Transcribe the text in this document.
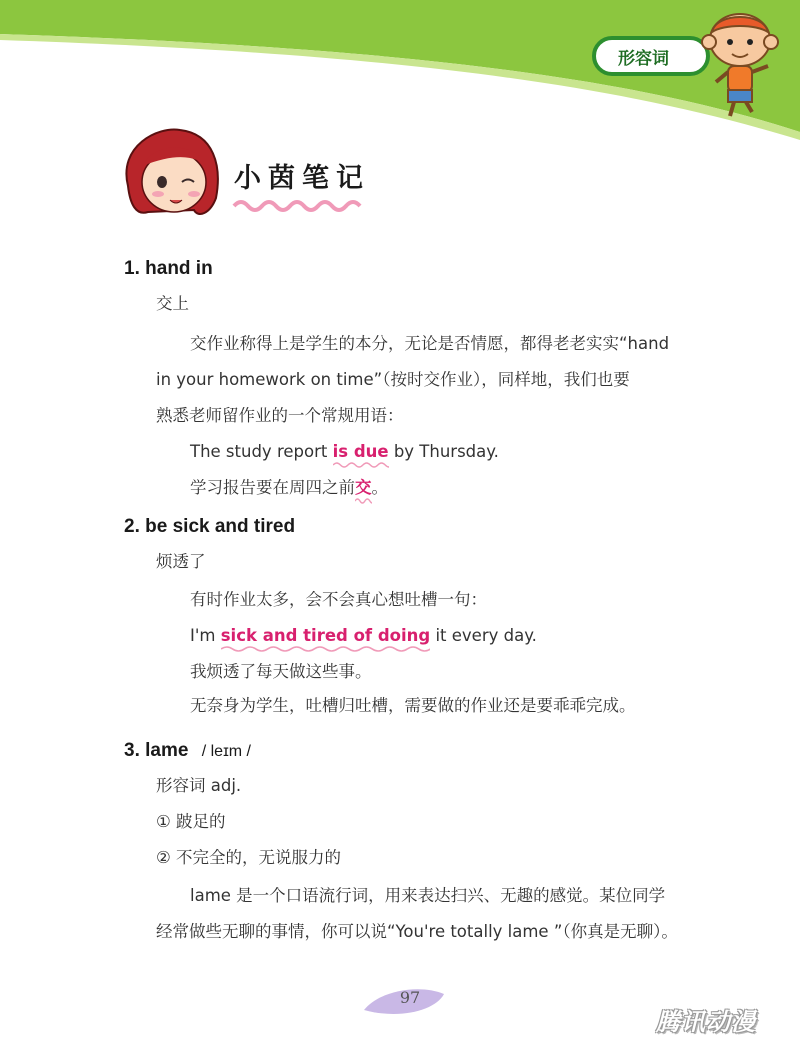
形容词
小茵笔记
1. hand in
交上
交作业称得上是学生的本分，无论是否情愿，都得老老实实“hand
in your homework on time”（按时交作业），同样地，我们也要
熟悉老师留作业的一个常规用语：
The study report is due
by Thursday.
学习报告要在周四之前交
。
2. be sick and tired
烦透了
有时作业太多，会不会真心想吐槽一句：
I'm sick and tired of doing
it every day.
我烦透了每天做这些事。
无奈身为学生，吐槽归吐槽，需要做的作业还是要乖乖完成。
3. lame / leɪm /
形容词 adj.
① 跛足的
② 不完全的，无说服力的
lame 是一个口语流行词，用来表达扫兴、无趣的感觉。某位同学
经常做些无聊的事情，你可以说“You're totally lame ”（你真是无聊）。
97
腾讯动漫
